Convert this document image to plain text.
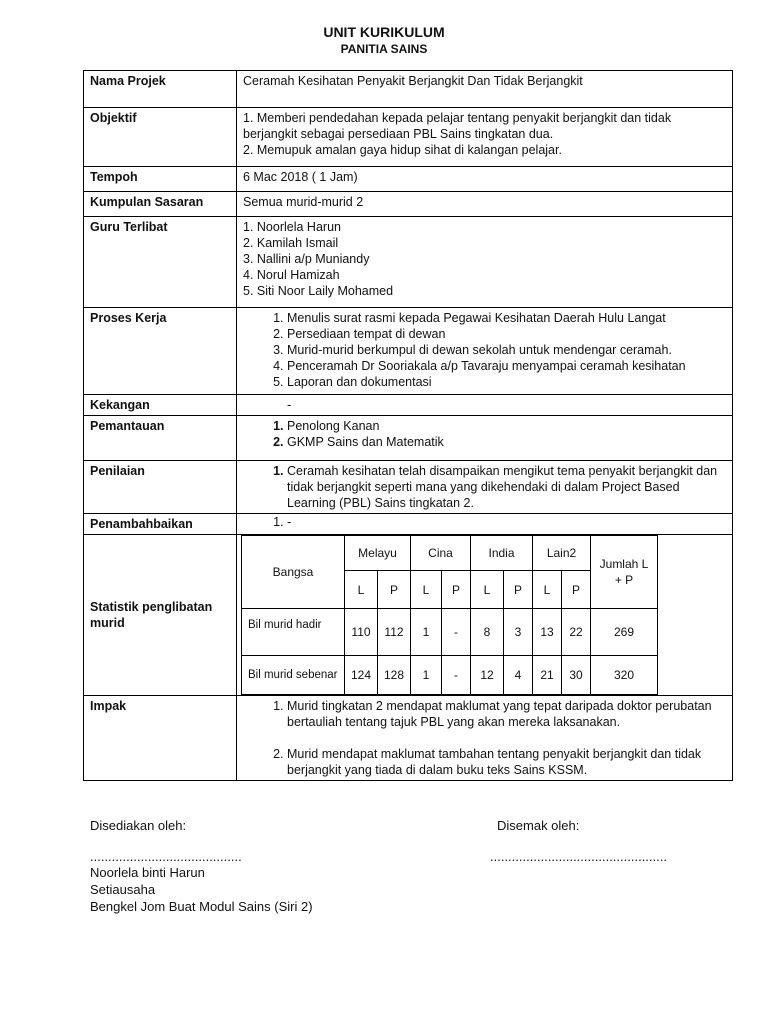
UNIT KURIKULUM
PANITIA SAINS
Nama Projek	Ceramah Kesihatan Penyakit Berjangkit Dan Tidak Berjangkit
Objektif	1. Memberi pendedahan kepada pelajar tentang penyakit berjangkit dan tidak
berjangkit sebagai persediaan PBL Sains tingkatan dua.
2. Memupuk amalan gaya hidup sihat di kalangan pelajar.

Tempoh	6 Mac 2018 ( 1 Jam)
Kumpulan Sasaran	Semua murid-murid 2
Guru Terlibat	1. Noorlela Harun
2. Kamilah Ismail
3. Nallini a/p Muniandy
4. Norul Hamizah
5. Siti Noor Laily Mohamed

Proses Kerja	
1.Menulis surat rasmi kepada Pegawai Kesihatan Daerah Hulu Langat
2. Persediaan tempat di dewan
3. Murid-murid berkumpul di dewan sekolah untuk mendengar ceramah.
4. Penceramah Dr Sooriakala a/p Tavaraju menyampai ceramah kesihatan
5. Laporan dan dokumentasi

Kekangan	-
Pemantauan	
1.Penolong Kanan
2. GKMP Sains dan Matematik

Penilaian	
1.Ceramah kesihatan telah disampaikan mengikut tema penyakit berjangkit dan tidak berjangkit seperti mana yang dikehendaki di dalam Project Based Learning (PBL) Sains tingkatan 2.

Penambahbaikan	
1.-

Statistik penglibatan murid	
Bangsa	Melayu	Cina	India	Lain2	Jumlah L + P
L	P	L	P	L	P	L	P
Bil murid hadir	110	112	1	-	8	3	13	22	269
Bil murid sebenar	124	128	1	-	12	4	21	30	320

Impak	
1.Murid tingkatan 2 mendapat maklumat yang tepat daripada doktor perubatan bertauliah tentang tajuk PBL yang akan mereka laksanakan.
2. Murid mendapat maklumat tambahan tentang penyakit berjangkit dan tidak berjangkit yang tiada di dalam buku teks Sains KSSM.
Disediakan oleh:	Disemak oleh:
..........................................	.................................................
Noorlela binti Harun
Setiausaha
Bengkel Jom Buat Modul Sains (Siri 2)
